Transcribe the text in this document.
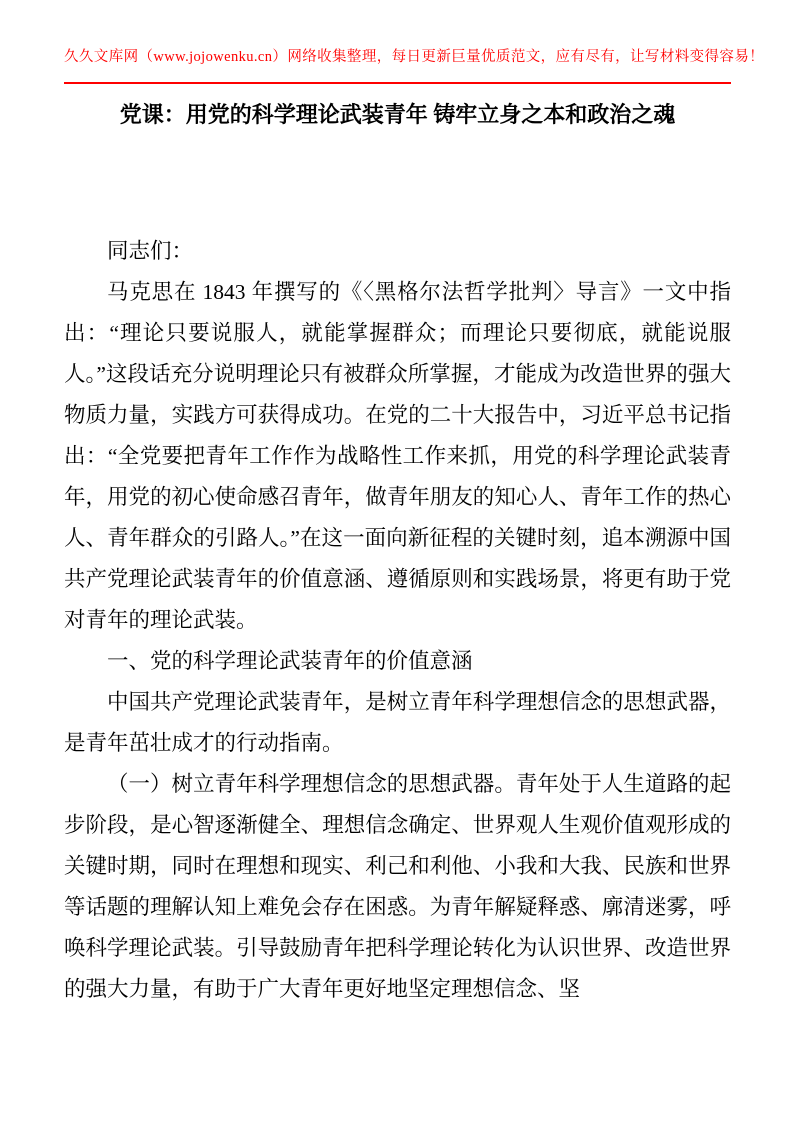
久久文库网（www.jojowenku.cn）网络收集整理，每日更新巨量优质范文，应有尽有，让写材料变得容易！
党课：用党的科学理论武装青年 铸牢立身之本和政治之魂

同志们：

马克思在 1843 年撰写的《〈黑格尔法哲学批判〉导言》一文中指出：“理论只要说服人，就能掌握群众；而理论只要彻底，就能说服人。”这段话充分说明理论只有被群众所掌握，才能成为改造世界的强大物质力量，实践方可获得成功。在党的二十大报告中，习近平总书记指出：“全党要把青年工作作为战略性工作来抓，用党的科学理论武装青年，用党的初心使命感召青年，做青年朋友的知心人、青年工作的热心人、青年群众的引路人。”在这一面向新征程的关键时刻，追本溯源中国共产党理论武装青年的价值意涵、遵循原则和实践场景，将更有助于党对青年的理论武装。

一、党的科学理论武装青年的价值意涵

中国共产党理论武装青年，是树立青年科学理想信念的思想武器，是青年茁壮成才的行动指南。

（一）树立青年科学理想信念的思想武器。青年处于人生道路的起步阶段，是心智逐渐健全、理想信念确定、世界观人生观价值观形成的关键时期，同时在理想和现实、利己和利他、小我和大我、民族和世界等话题的理解认知上难免会存在困惑。为青年解疑释惑、廓清迷雾，呼唤科学理论武装。引导鼓励青年把科学理论转化为认识世界、改造世界的强大力量，有助于广大青年更好地坚定理想信念、坚
